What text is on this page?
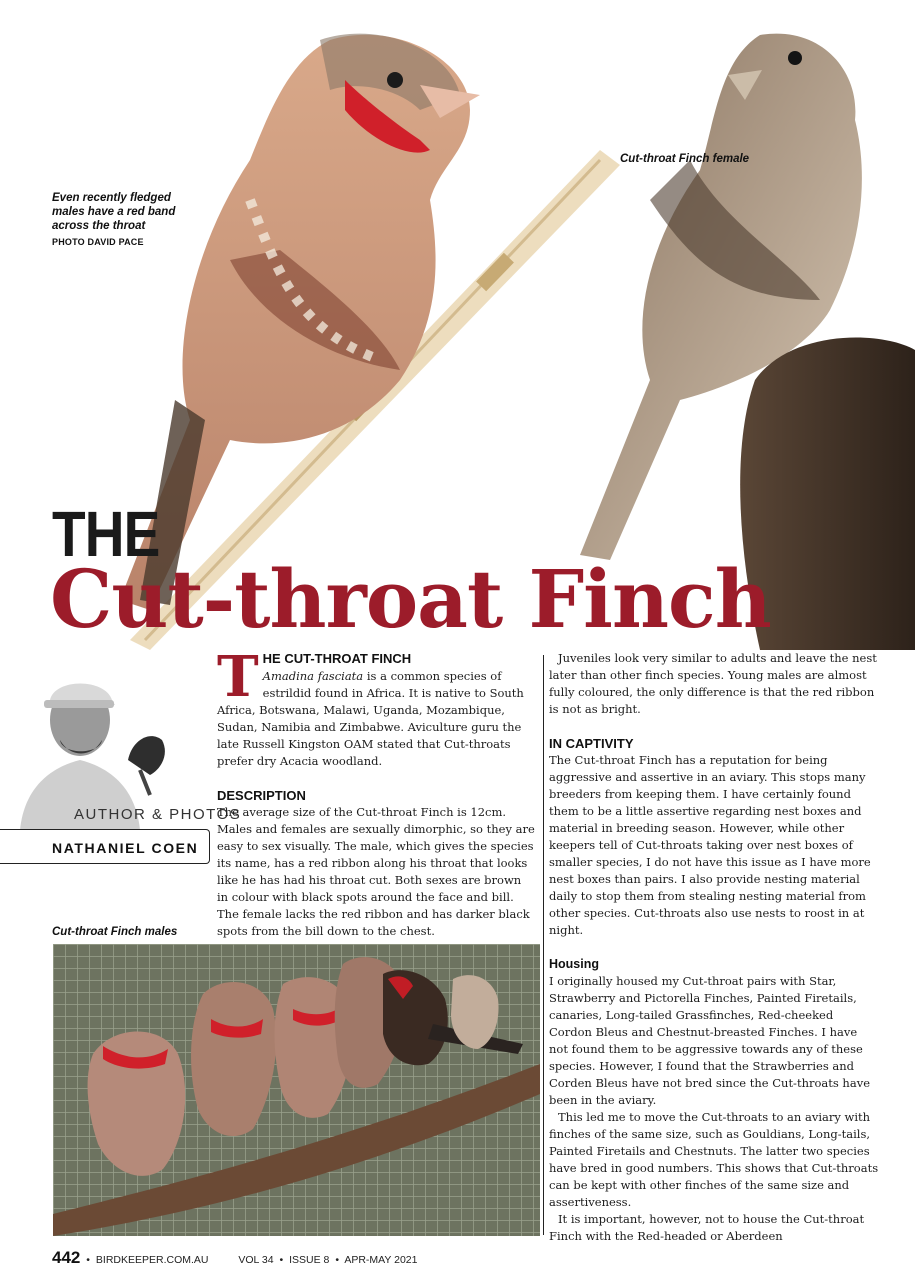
Even recently fledged
males have a red band
across the throat
PHOTO DAVID PACE
Cut-throat Finch female
THE
Cut-throat Finch
AUTHOR & PHOTOS
NATHANIEL COEN
T HE CUT-THROAT FINCH
Amadina fasciata is a common species of estrildid found in Africa. It is native to South Africa, Botswana, Malawi, Uganda, Mozambique, Sudan, Namibia and Zimbabwe. Aviculture guru the late Russell Kingston OAM stated that Cut-throats prefer dry Acacia woodland.

DESCRIPTION

The average size of the Cut-throat Finch is 12cm. Males and females are sexually dimorphic, so they are easy to sex visually. The male, which gives the species its name, has a red ribbon along his throat that looks like he has had his throat cut. Both sexes are brown in colour with black spots around the face and bill. The female lacks the red ribbon and has darker black spots from the bill down to the chest.

Juveniles look very similar to adults and leave the nest later than other finch species. Young males are almost fully coloured, the only difference is that the red ribbon is not as bright.

IN CAPTIVITY

The Cut-throat Finch has a reputation for being aggressive and assertive in an aviary. This stops many breeders from keeping them. I have certainly found them to be a little assertive regarding nest boxes and material in breeding season. However, while other keepers tell of Cut-throats taking over nest boxes of smaller species, I do not have this issue as I have more nest boxes than pairs. I also provide nesting material daily to stop them from stealing nesting material from other species. Cut-throats also use nests to roost in at night.

Housing

I originally housed my Cut-throat pairs with Star, Strawberry and Pictorella Finches, Painted Firetails, canaries, Long-tailed Grassfinches, Red-cheeked Cordon Bleus and Chestnut-breasted Finches. I have not found them to be aggressive towards any of these species. However, I found that the Strawberries and Corden Bleus have not bred since the Cut-throats have been in the aviary.

This led me to move the Cut-throats to an aviary with finches of the same size, such as Gouldians, Long-tails, Painted Firetails and Chestnuts. The latter two species have bred in good numbers. This shows that Cut-throats can be kept with other finches of the same size and assertiveness.

It is important, however, not to house the Cut-throat Finch with the Red-headed or Aberdeen

Cut-throat Finch males
442 • BIRDKEEPER.COM.AU	VOL 34 • ISSUE 8 • APR-MAY 2021
